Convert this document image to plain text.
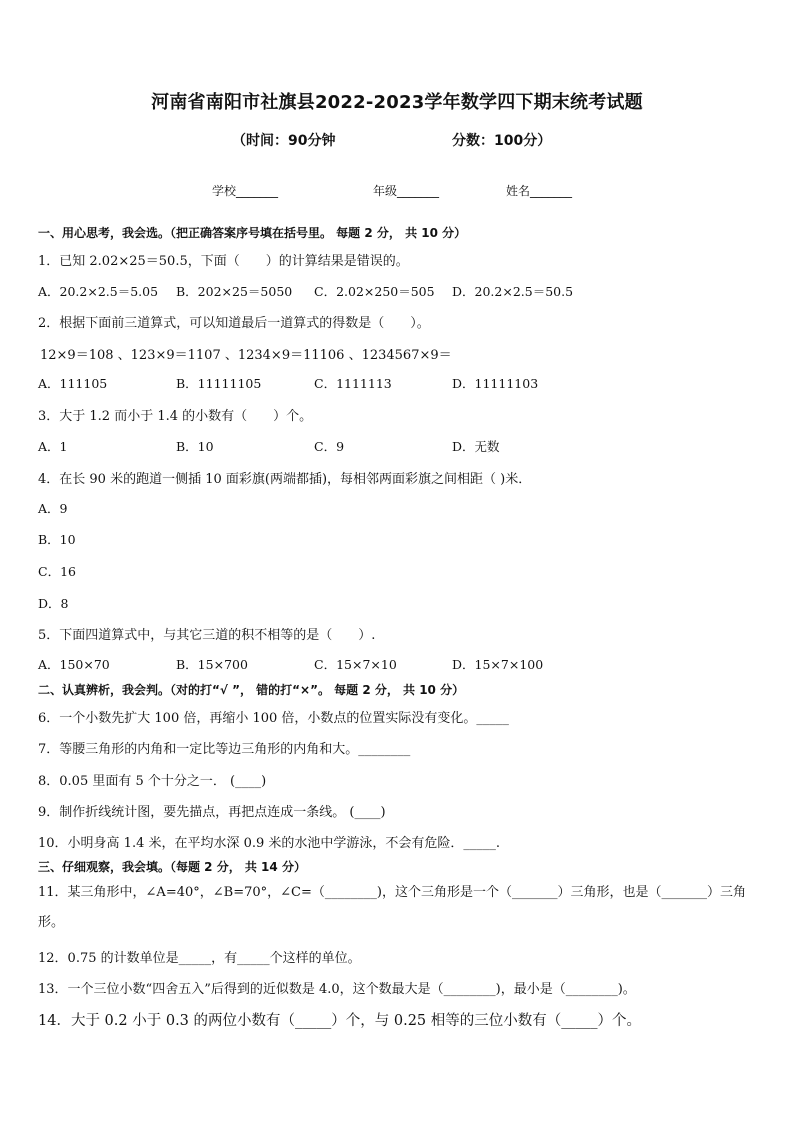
河南省南阳市社旗县2022-2023学年数学四下期末统考试题
（时间：90分钟	分数：100分）
学校_______	年级_______	姓名_______
一、用心思考，我会选。（把正确答案序号填在括号里。 每题 2 分， 共 10 分）
1．已知 2.02×25＝50.5，下面（　　）的计算结果是错误的。
A．20.2×2.5＝5.05 B．202×25＝5050 C．2.02×250＝505 D．20.2×2.5＝50.5
2．根据下面前三道算式，可以知道最后一道算式的得数是（　　）。
12×9＝108 、123×9＝1107 、1234×9＝11106 、1234567×9＝
A．111105	B．11111105	C．1111113	D．11111103
3．大于 1.2 而小于 1.4 的小数有（　　）个。
A．1	B．10	C．9	D．无数
4．在长 90 米的跑道一侧插 10 面彩旗(两端都插)，每相邻两面彩旗之间相距（ )米．
A．9
B．10
C．16
D．8
5．下面四道算式中，与其它三道的积不相等的是（　　）.
A．150×70	B．15×700	C．15×7×10	D．15×7×100
二、认真辨析，我会判。（对的打“√ ”， 错的打“×”。 每题 2 分， 共 10 分）
6．一个小数先扩大 100 倍，再缩小 100 倍，小数点的位置实际没有变化。_____
7．等腰三角形的内角和一定比等边三角形的内角和大。________
8．0.05 里面有 5 个十分之一． (____)
9．制作折线统计图，要先描点，再把点连成一条线。 (____)
10．小明身高 1.4 米，在平均水深 0.9 米的水池中学游泳，不会有危险．_____.
三、仔细观察，我会填。（每题 2 分， 共 14 分）
11．某三角形中，∠A=40°，∠B=70°，∠C=（________)，这个三角形是一个（_______）三角形，也是（_______）三角形。
12．0.75 的计数单位是_____，有_____个这样的单位。
13．一个三位小数“四舍五入”后得到的近似数是 4.0，这个数最大是（________)，最小是（________)。
14．大于 0.2 小于 0.3 的两位小数有（_____）个，与 0.25 相等的三位小数有（_____）个。
